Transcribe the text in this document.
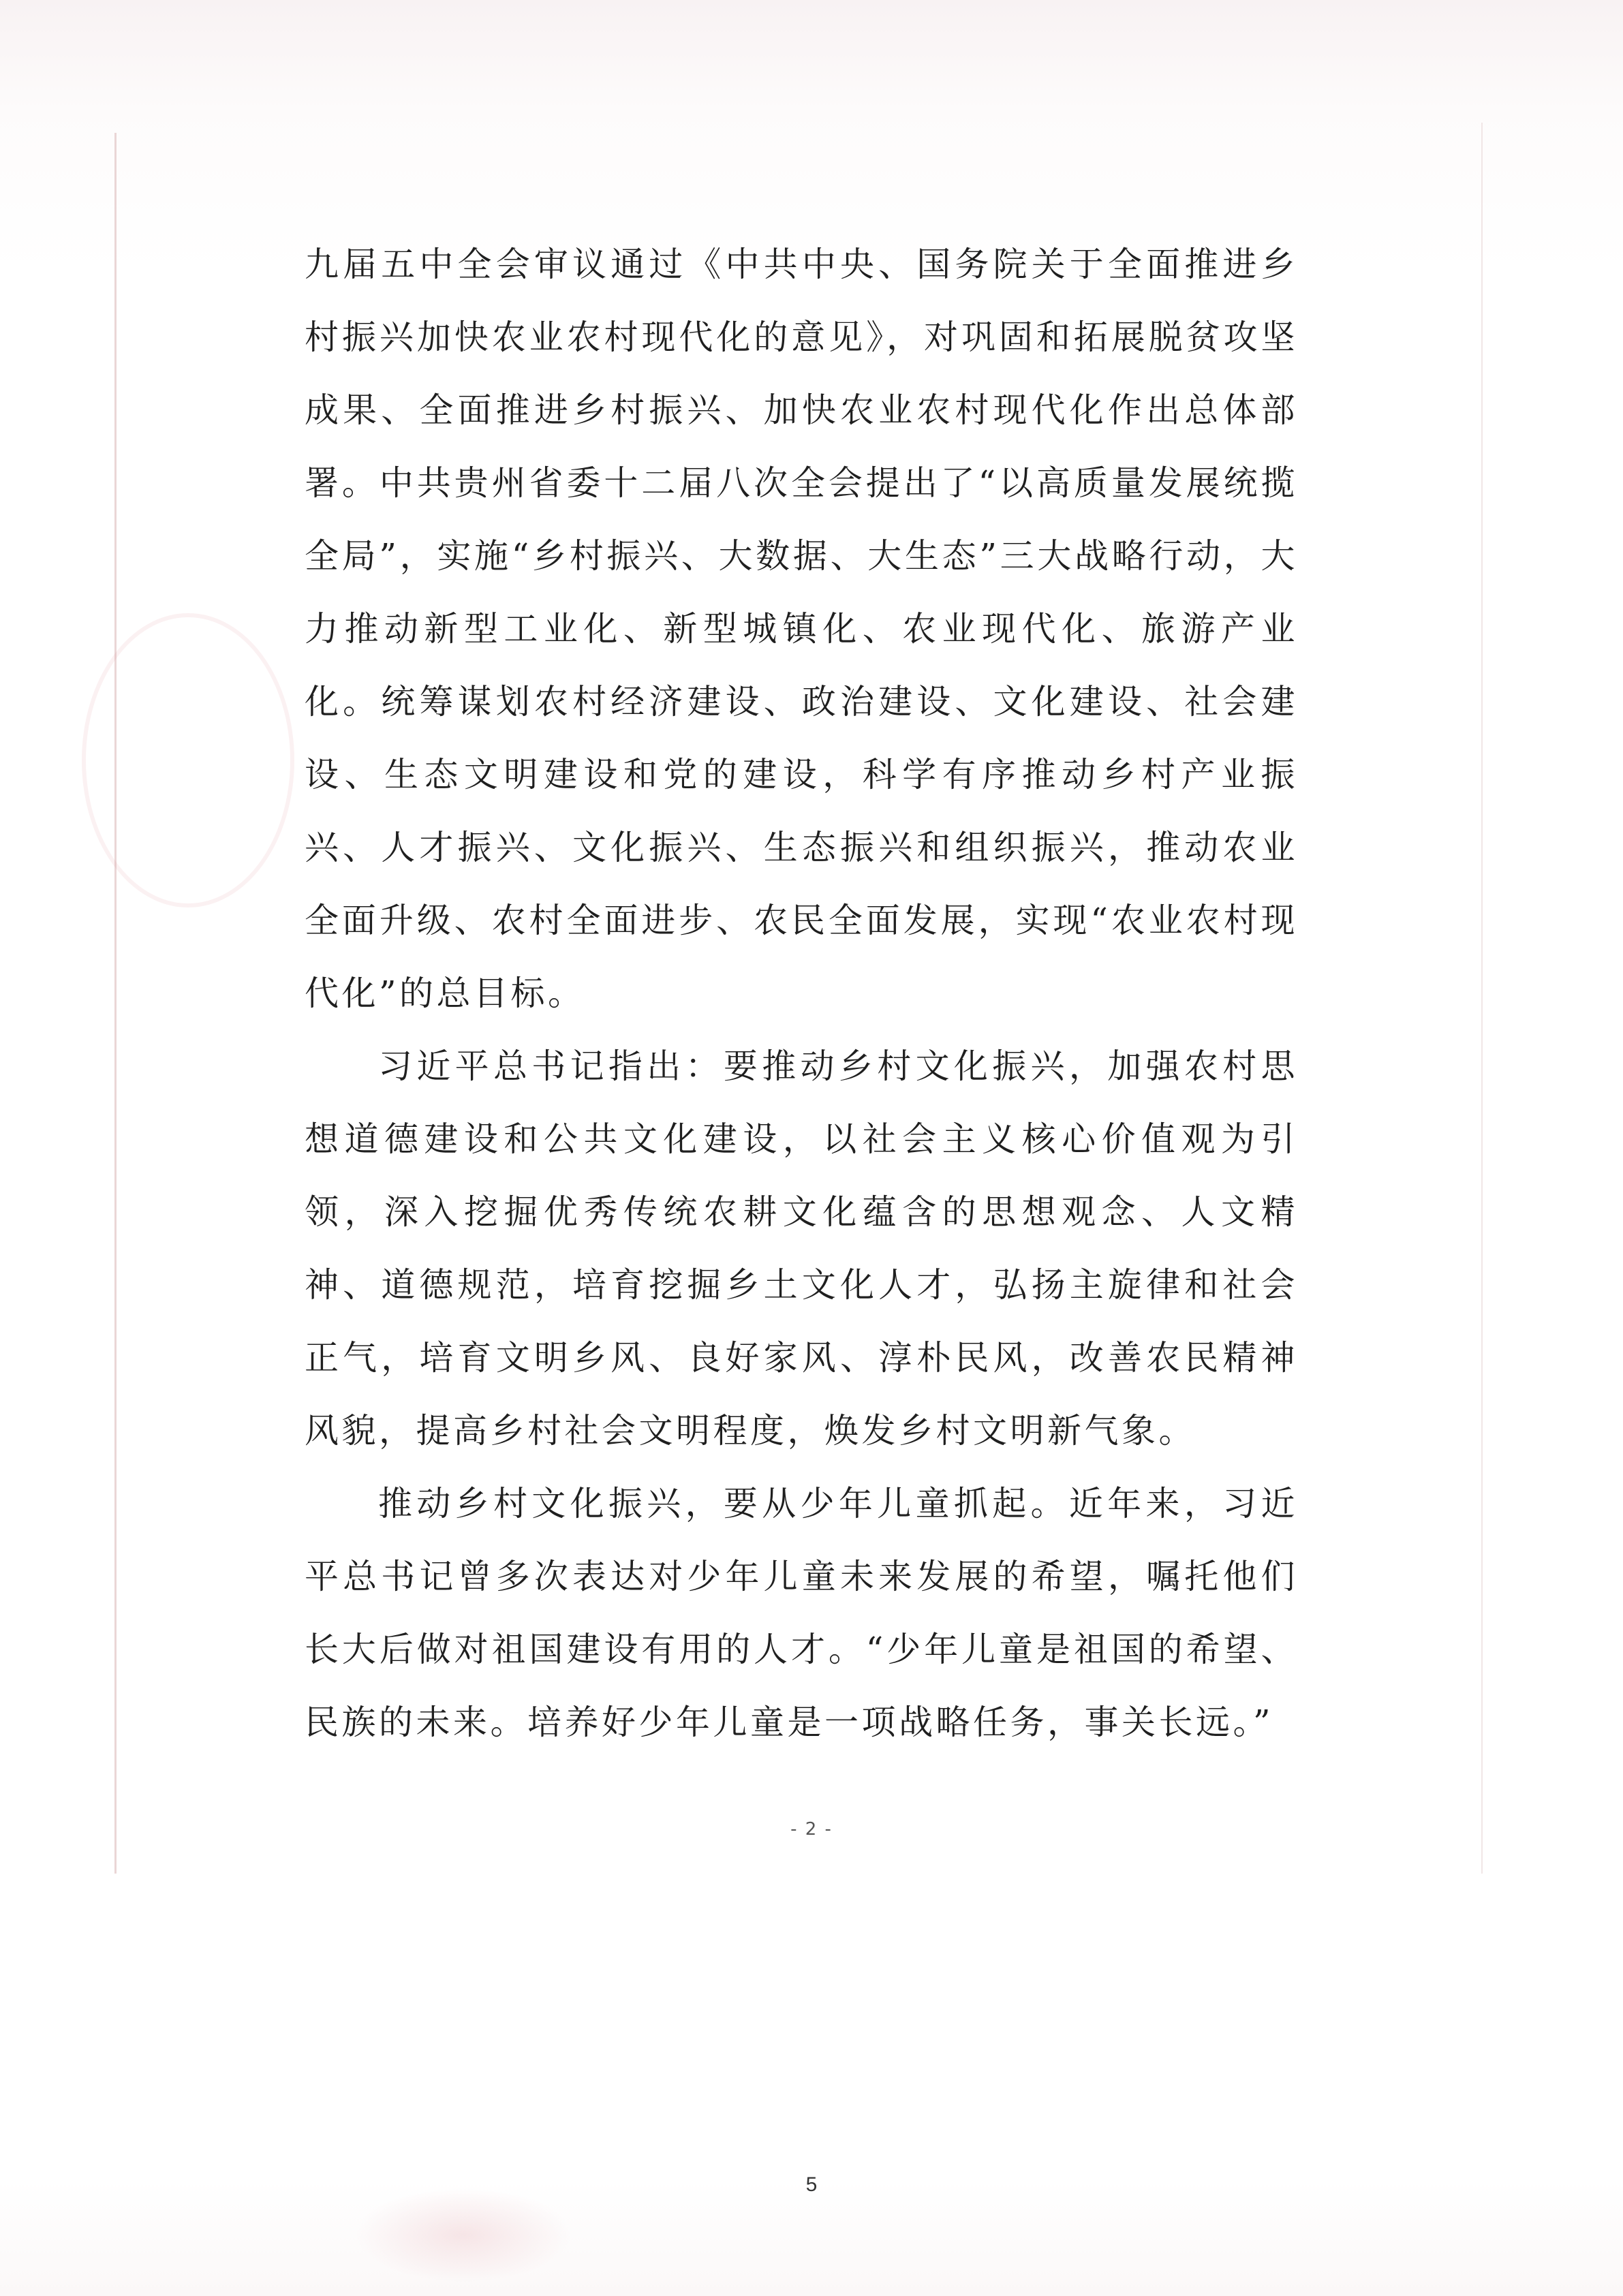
九届五中全会审议通过《中共中央、国务院关于全面推进乡村振兴加快农业农村现代化的意见》，对巩固和拓展脱贫攻坚成果、全面推进乡村振兴、加快农业农村现代化作出总体部署。中共贵州省委十二届八次全会提出了“以高质量发展统揽全局”，实施“乡村振兴、大数据、大生态”三大战略行动，大力推动新型工业化、新型城镇化、农业现代化、旅游产业化。统筹谋划农村经济建设、政治建设、文化建设、社会建设、生态文明建设和党的建设，科学有序推动乡村产业振兴、人才振兴、文化振兴、生态振兴和组织振兴，推动农业全面升级、农村全面进步、农民全面发展，实现“农业农村现代化”的总目标。

习近平总书记指出：要推动乡村文化振兴，加强农村思想道德建设和公共文化建设，以社会主义核心价值观为引领，深入挖掘优秀传统农耕文化蕴含的思想观念、人文精神、道德规范，培育挖掘乡土文化人才，弘扬主旋律和社会正气，培育文明乡风、良好家风、淳朴民风，改善农民精神风貌，提高乡村社会文明程度，焕发乡村文明新气象。

推动乡村文化振兴，要从少年儿童抓起。近年来，习近平总书记曾多次表达对少年儿童未来发展的希望，嘱托他们长大后做对祖国建设有用的人才。“少年儿童是祖国的希望、民族的未来。培养好少年儿童是一项战略任务，事关长远。”

- 2 -
5
